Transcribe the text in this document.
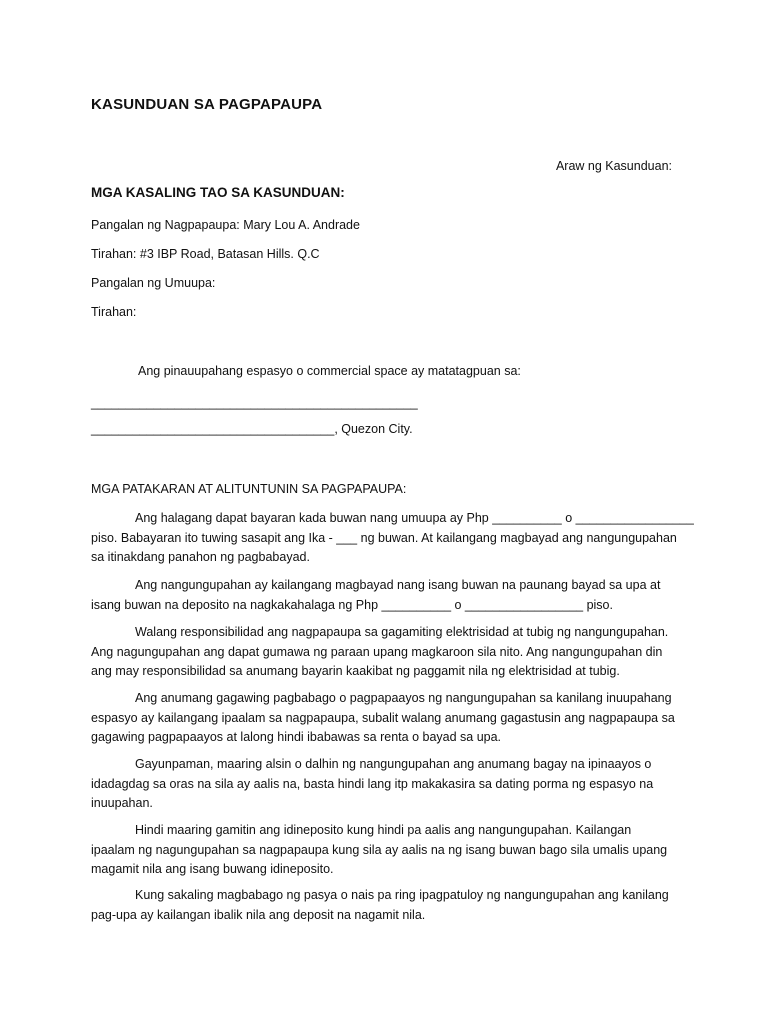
KASUNDUAN SA PAGPAPAUPA
Araw ng Kasunduan:
MGA KASALING TAO SA KASUNDUAN:
Pangalan ng Nagpapaupa: Mary Lou A. Andrade
Tirahan: #3 IBP Road, Batasan Hills. Q.C
Pangalan ng Umuupa:
Tirahan:
Ang pinauupahang espasyo o commercial space ay matatagpuan sa:
_______________________________________________
___________________________________, Quezon City.
MGA PATAKARAN AT ALITUNTUNIN SA PAGPAPAUPA:
Ang halagang dapat bayaran kada buwan nang umuupa ay Php __________ o _________________
piso. Babayaran ito tuwing sasapit ang Ika - ___ ng buwan. At kailangang magbayad ang nangungupahan
sa itinakdang panahon ng pagbabayad.
Ang nangungupahan ay kailangang magbayad nang isang buwan na paunang bayad sa upa at
isang buwan na deposito na nagkakahalaga ng Php __________ o _________________ piso.
Walang responsibilidad ang nagpapaupa sa gagamiting elektrisidad at tubig ng nangungupahan.
Ang nagungupahan ang dapat gumawa ng paraan upang magkaroon sila nito. Ang nangungupahan din
ang may responsibilidad sa anumang bayarin kaakibat ng paggamit nila ng elektrisidad at tubig.
Ang anumang gagawing pagbabago o pagpapaayos ng nangungupahan sa kanilang inuupahang
espasyo ay kailangang ipaalam sa nagpapaupa, subalit walang anumang gagastusin ang nagpapaupa sa
gagawing pagpapaayos at lalong hindi ibabawas sa renta o bayad sa upa.
Gayunpaman, maaring alsin o dalhin ng nangungupahan ang anumang bagay na ipinaayos o
idadagdag sa oras na sila ay aalis na, basta hindi lang itp makakasira sa dating porma ng espasyo na
inuupahan.
Hindi maaring gamitin ang idineposito kung hindi pa aalis ang nangungupahan. Kailangan
ipaalam ng nagungupahan sa nagpapaupa kung sila ay aalis na ng isang buwan bago sila umalis upang
magamit nila ang isang buwang idineposito.
Kung sakaling magbabago ng pasya o nais pa ring ipagpatuloy ng nangungupahan ang kanilang
pag-upa ay kailangan ibalik nila ang deposit na nagamit nila.
